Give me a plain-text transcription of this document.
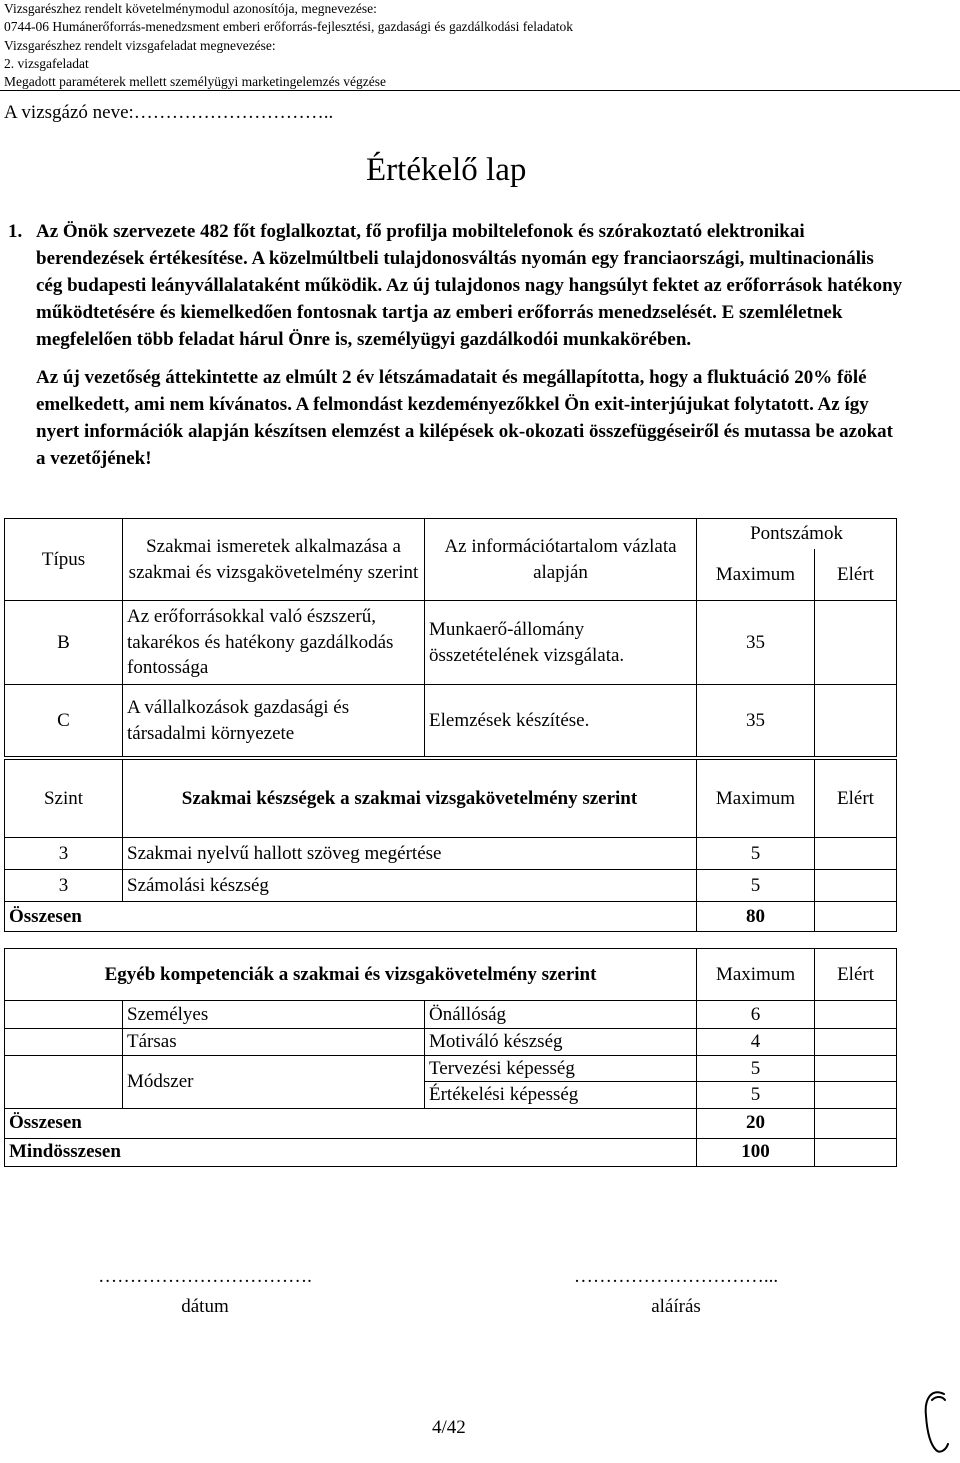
Vizsgarészhez rendelt követelménymodul azonosítója, megnevezése:
0744-06 Humánerőforrás-menedzsment emberi erőforrás-fejlesztési, gazdasági és gazdálkodási feladatok
Vizsgarészhez rendelt vizsgafeladat megnevezése:
2. vizsgafeladat
Megadott paraméterek mellett személyügyi marketingelemzés végzése
A vizsgázó neve:…………………………..
Értékelő lap
1. Az Önök szervezete 482 főt foglalkoztat, fő profilja mobiltelefonok és szórakoztató elektronikai berendezések értékesítése. A közelmúltbeli tulajdonosváltás nyomán egy franciaországi, multinacionális cég budapesti leányvállalataként működik. Az új tulajdonos nagy hangsúlyt fektet az erőforrások hatékony működtetésére és kiemelkedően fontosnak tartja az emberi erőforrás menedzselését. E szemléletnek megfelelően több feladat hárul Önre is, személyügyi gazdálkodói munkakörében.

Az új vezetőség áttekintette az elmúlt 2 év létszámadatait és megállapította, hogy a fluktuáció 20% fölé emelkedett, ami nem kívánatos. A felmondást kezdeményezőkkel Ön exit-interjújukat folytatott. Az így nyert információk alapján készítsen elemzést a kilépések ok-okozati összefüggéseiről és mutassa be azokat a vezetőjének!

Típus	Szakmai ismeretek alkalmazása a szakmai és vizsgakövetelmény szerint	Az információtartalom vázlata alapján	Pontszámok	
			Maximum	Elért
B	Az erőforrásokkal való észszerű, takarékos és hatékony gazdálkodás fontossága	Munkaerő-állomány összetételének vizsgálata.	35	
C	A vállalkozások gazdasági és társadalmi környezete	Elemzések készítése.	35	
Szint	Szakmai készségek a szakmai vizsgakövetelmény szerint	Maximum	Elért
3	Szakmai nyelvű hallott szöveg megértése	5	
3	Számolási készség	5	
Összesen		80	
Egyéb kompetenciák a szakmai és vizsgakövetelmény szerint			Maximum	Elért
	Személyes	Önállóság	6	
	Társas	Motiváló készség	4	
	Módszer	Tervezési képesség	5	
		Értékelési képesség	5	
Összesen			20	
Mindösszesen			100	
…………………………….
dátum
…………………………...
aláírás
4/42
